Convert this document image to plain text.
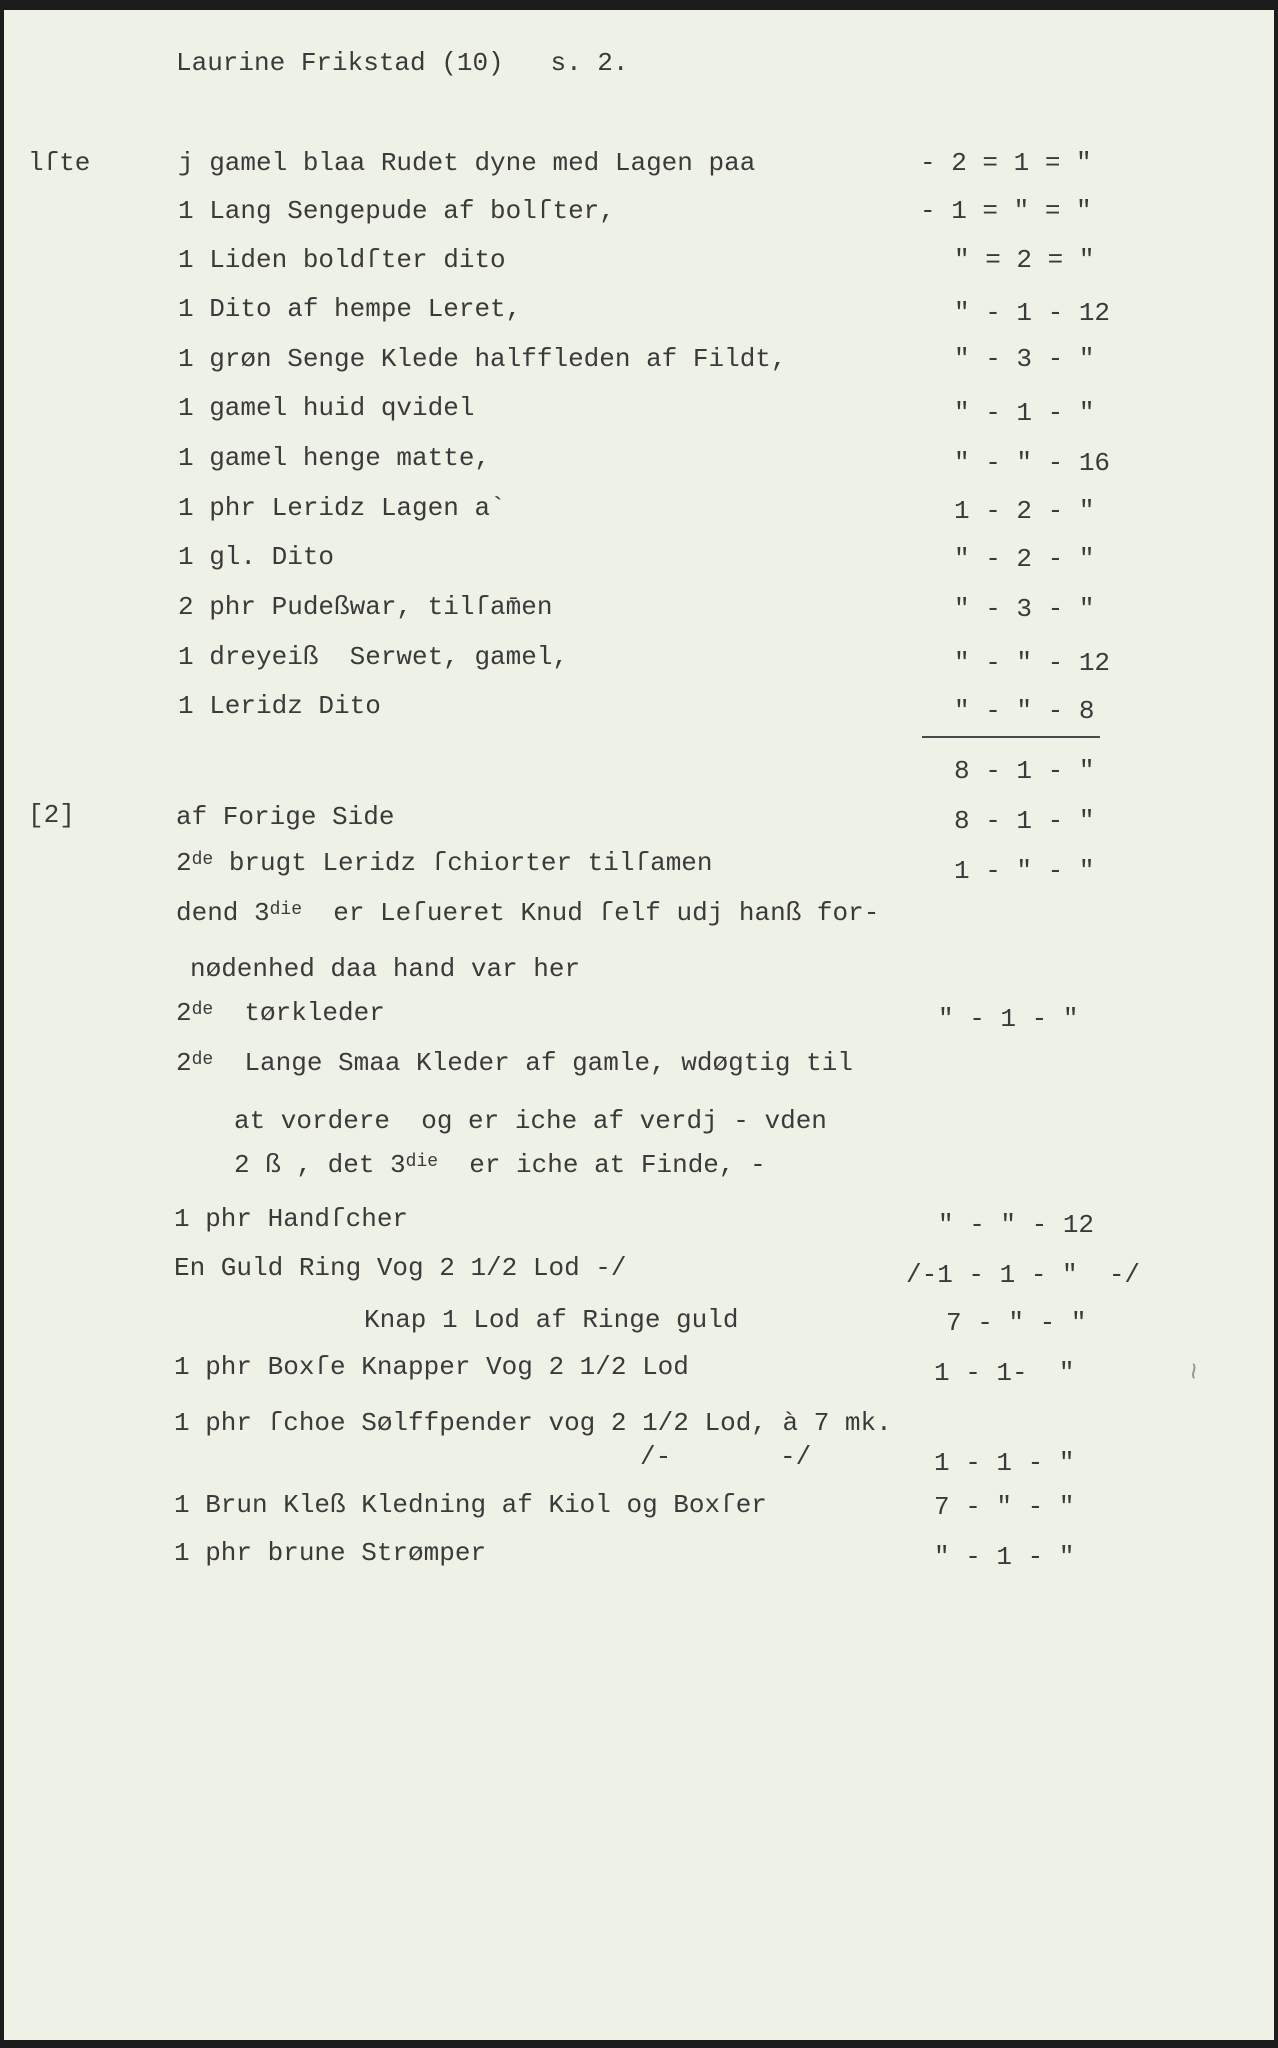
Laurine Frikstad (10)   s. 2.
lſte	j gamel blaa Rudet dyne med Lagen paa	- 2 = 1 = "
1 Lang Sengepude af bolſter,	- 1 = " = "
1 Liden boldſter dito	" = 2 = "
1 Dito af hempe Leret,	" - 1 - 12
1 grøn Senge Klede halffleden af Fildt,	" - 3 - "
1 gamel huid qvidel	" - 1 - "
1 gamel henge matte,	" - " - 16
1 phr Leridz Lagen a`	1 - 2 - "
1 gl. Dito	" - 2 - "
2 phr Pudeßwar, tilſam̄en	" - 3 - "
1 dreyeiß  Serwet, gamel,	" - " - 12
1 Leridz Dito	" - " - 8
8 - 1 - "
[2]	af Forige Side	8 - 1 - "
2de brugt Leridz ſchiorter tilſamen	1 - " - "
dend $3^{die}$  er Leſueret Knud ſelf udj hanß for-
nødenhed daa hand var her
2de  tørkleder	" - 1 - "
2de  Lange Smaa Kleder af gamle, wdøgtig til
at vordere  og er iche af verdj - vden
2 ß , $\det 3^{die}$  er iche at Finde, -
1 phr Handſcher	" - " - 12
En Guld Ring Vog 2 1/2 Lod -/	/-1 - 1 - "  -/
Knap 1 Lod af Ringe guld	7 - " - "
1 phr Boxſe Knapper Vog 2 1/2 Lod	1 - 1-  "	~
1 phr ſchoe Sølffpender vog 2 1/2 Lod, à 7 mk.
/-	-/	1 - 1 - "
1 Brun Kleß Kledning af Kiol og Boxſer	7 - " - "
1 phr brune Strømper	" - 1 - "
